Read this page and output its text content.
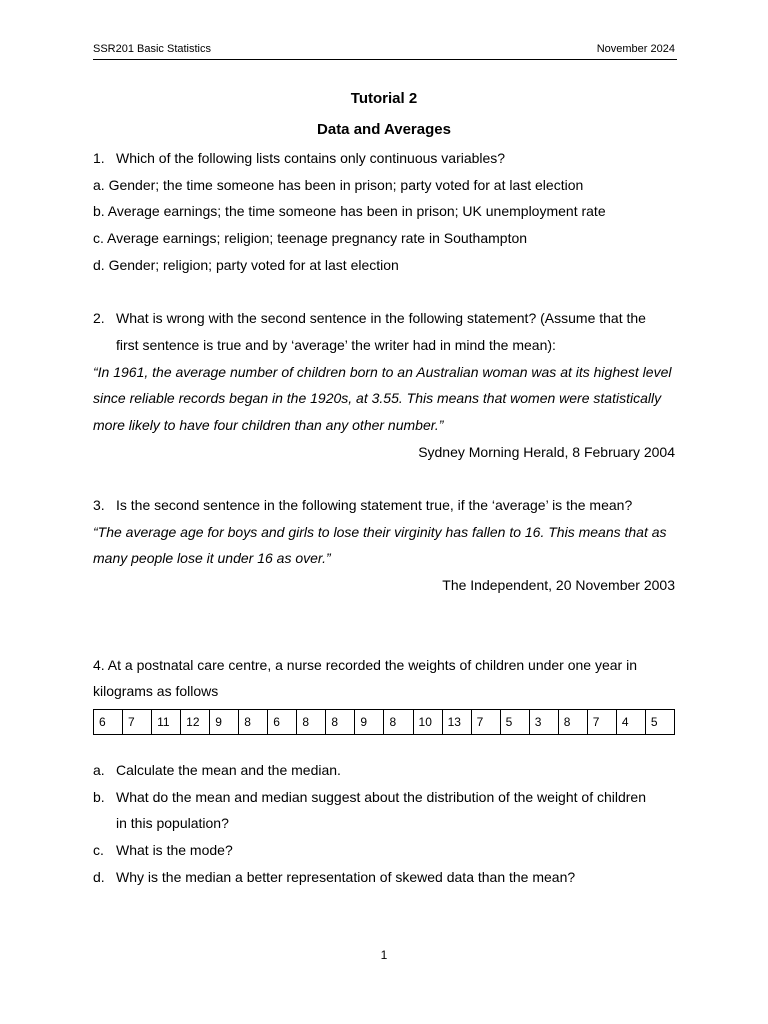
SSR201 Basic Statistics	November 2024
Tutorial 2
Data and Averages
1. Which of the following lists contains only continuous variables?
a. Gender; the time someone has been in prison; party voted for at last election
b. Average earnings; the time someone has been in prison; UK unemployment rate
c. Average earnings; religion; teenage pregnancy rate in Southampton
d. Gender; religion; party voted for at last election
2. What is wrong with the second sentence in the following statement? (Assume that the
first sentence is true and by ‘average’ the writer had in mind the mean):
“In 1961, the average number of children born to an Australian woman was at its highest level
since reliable records began in the 1920s, at 3.55. This means that women were statistically
more likely to have four children than any other number.”
Sydney Morning Herald, 8 February 2004
3. Is the second sentence in the following statement true, if the ‘average’ is the mean?
“The average age for boys and girls to lose their virginity has fallen to 16. This means that as
many people lose it under 16 as over.”
The Independent, 20 November 2003
4. At a postnatal care centre, a nurse recorded the weights of children under one year in
kilograms as follows
6	7	11	12	9	8	6	8	8	9	8	10	13	7	5	3	8	7	4	5
a. Calculate the mean and the median.
b. What do the mean and median suggest about the distribution of the weight of children
in this population?
c. What is the mode?
d. Why is the median a better representation of skewed data than the mean?
1
